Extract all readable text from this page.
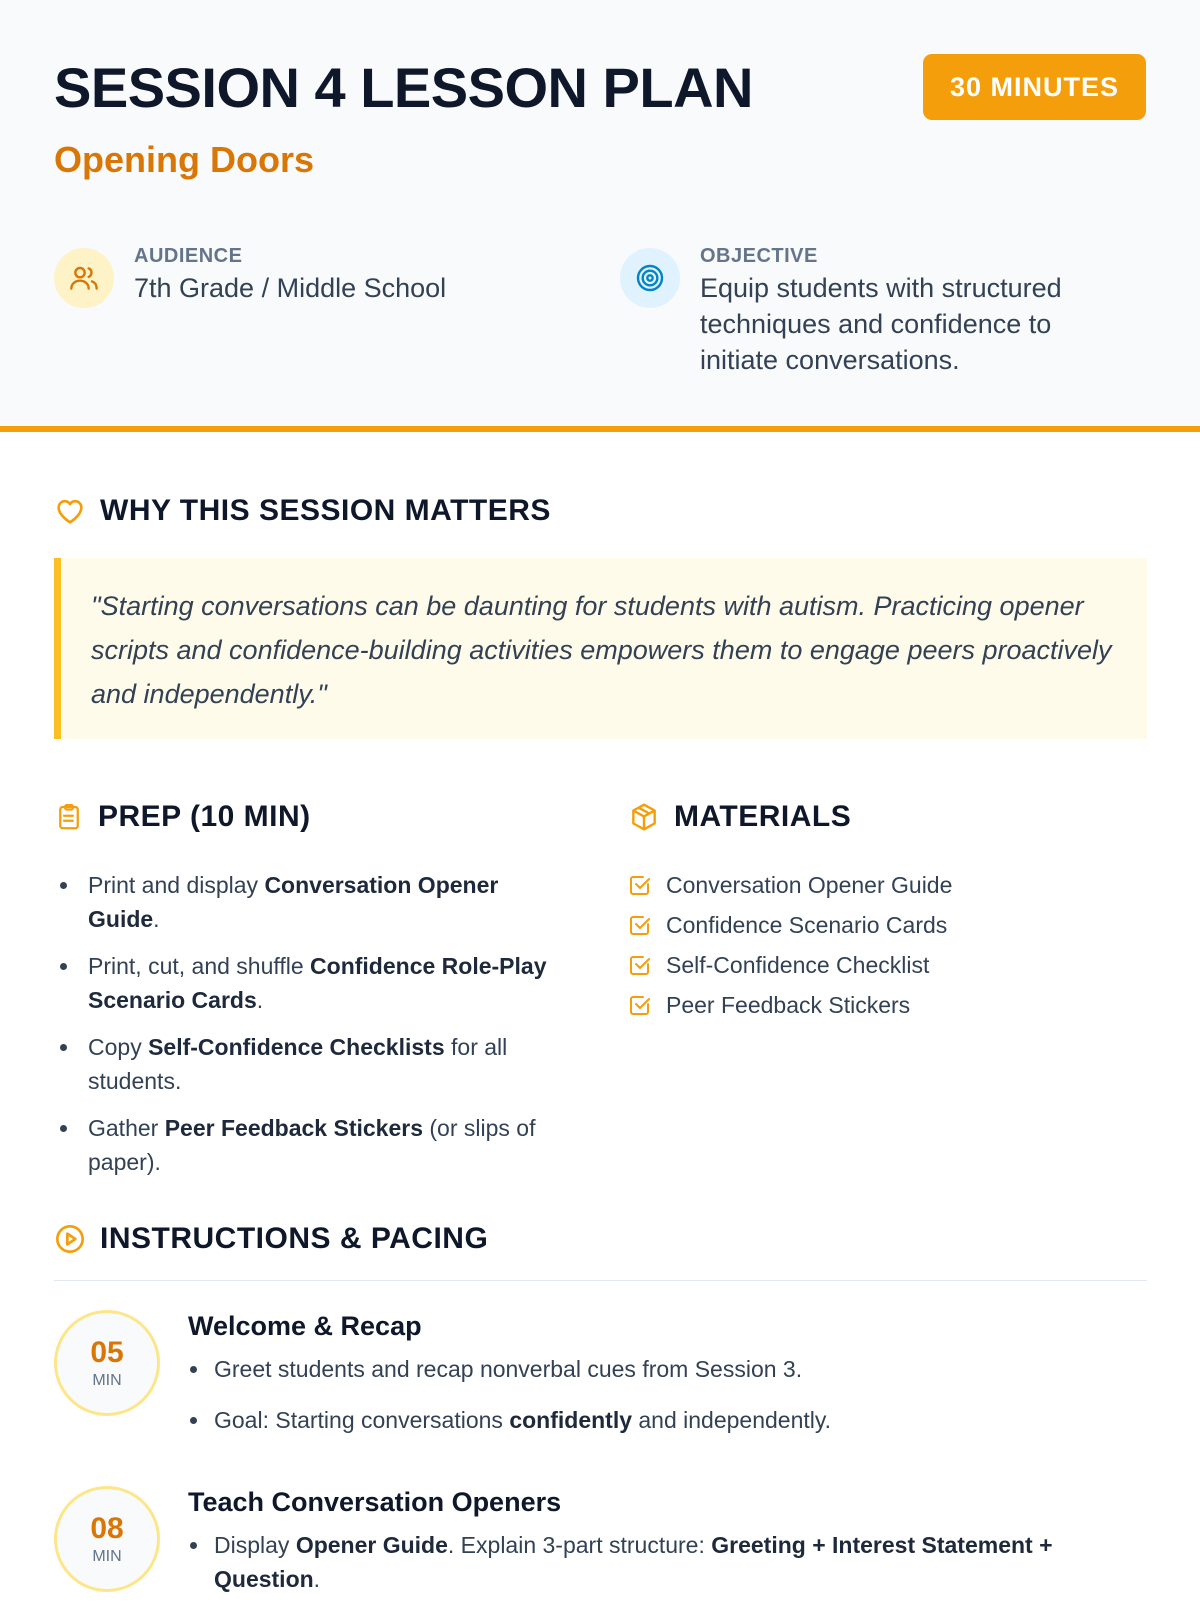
SESSION 4 LESSON PLAN
Opening Doors
30 MINUTES
AUDIENCE
7th Grade / Middle School
OBJECTIVE
Equip students with structured techniques and confidence to initiate conversations.
WHY THIS SESSION MATTERS
"Starting conversations can be daunting for students with autism. Practicing opener scripts and confidence-building activities empowers them to engage peers proactively and independently."
PREP (10 MIN)
Print and display Conversation Opener Guide.
Print, cut, and shuffle Confidence Role-Play Scenario Cards.
Copy Self-Confidence Checklists for all students.
Gather Peer Feedback Stickers (or slips of paper).
MATERIALS
Conversation Opener Guide
Confidence Scenario Cards
Self-Confidence Checklist
Peer Feedback Stickers
INSTRUCTIONS & PACING
05
MIN
Welcome & Recap
Greet students and recap nonverbal cues from Session 3.
Goal: Starting conversations confidently and independently.
08
MIN
Teach Conversation Openers
Display Opener Guide. Explain 3-part structure: Greeting + Interest Statement + Question.
